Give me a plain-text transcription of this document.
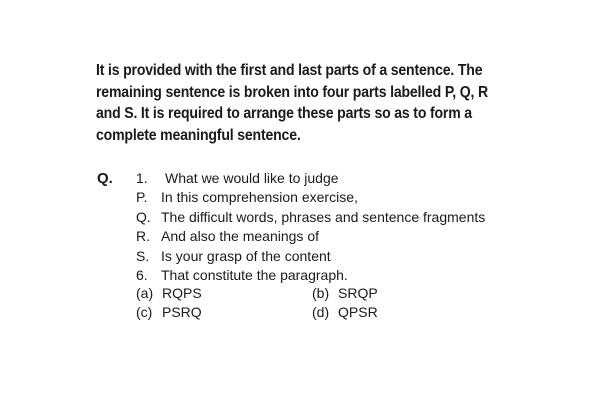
It is provided with the first and last parts of a sentence. The
remaining sentence is broken into four parts labelled P, Q, R
and S. It is required to arrange these parts so as to form a
complete meaningful sentence.
Q. 1.	What we would like to judge
P. In this comprehension exercise,
Q. The difficult words, phrases and sentence fragments
R. And also the meanings of
S. Is your grasp of the content
6. That constitute the paragraph.
(a) RQPS	(b) SRQP
(c) PSRQ	(d) QPSR
